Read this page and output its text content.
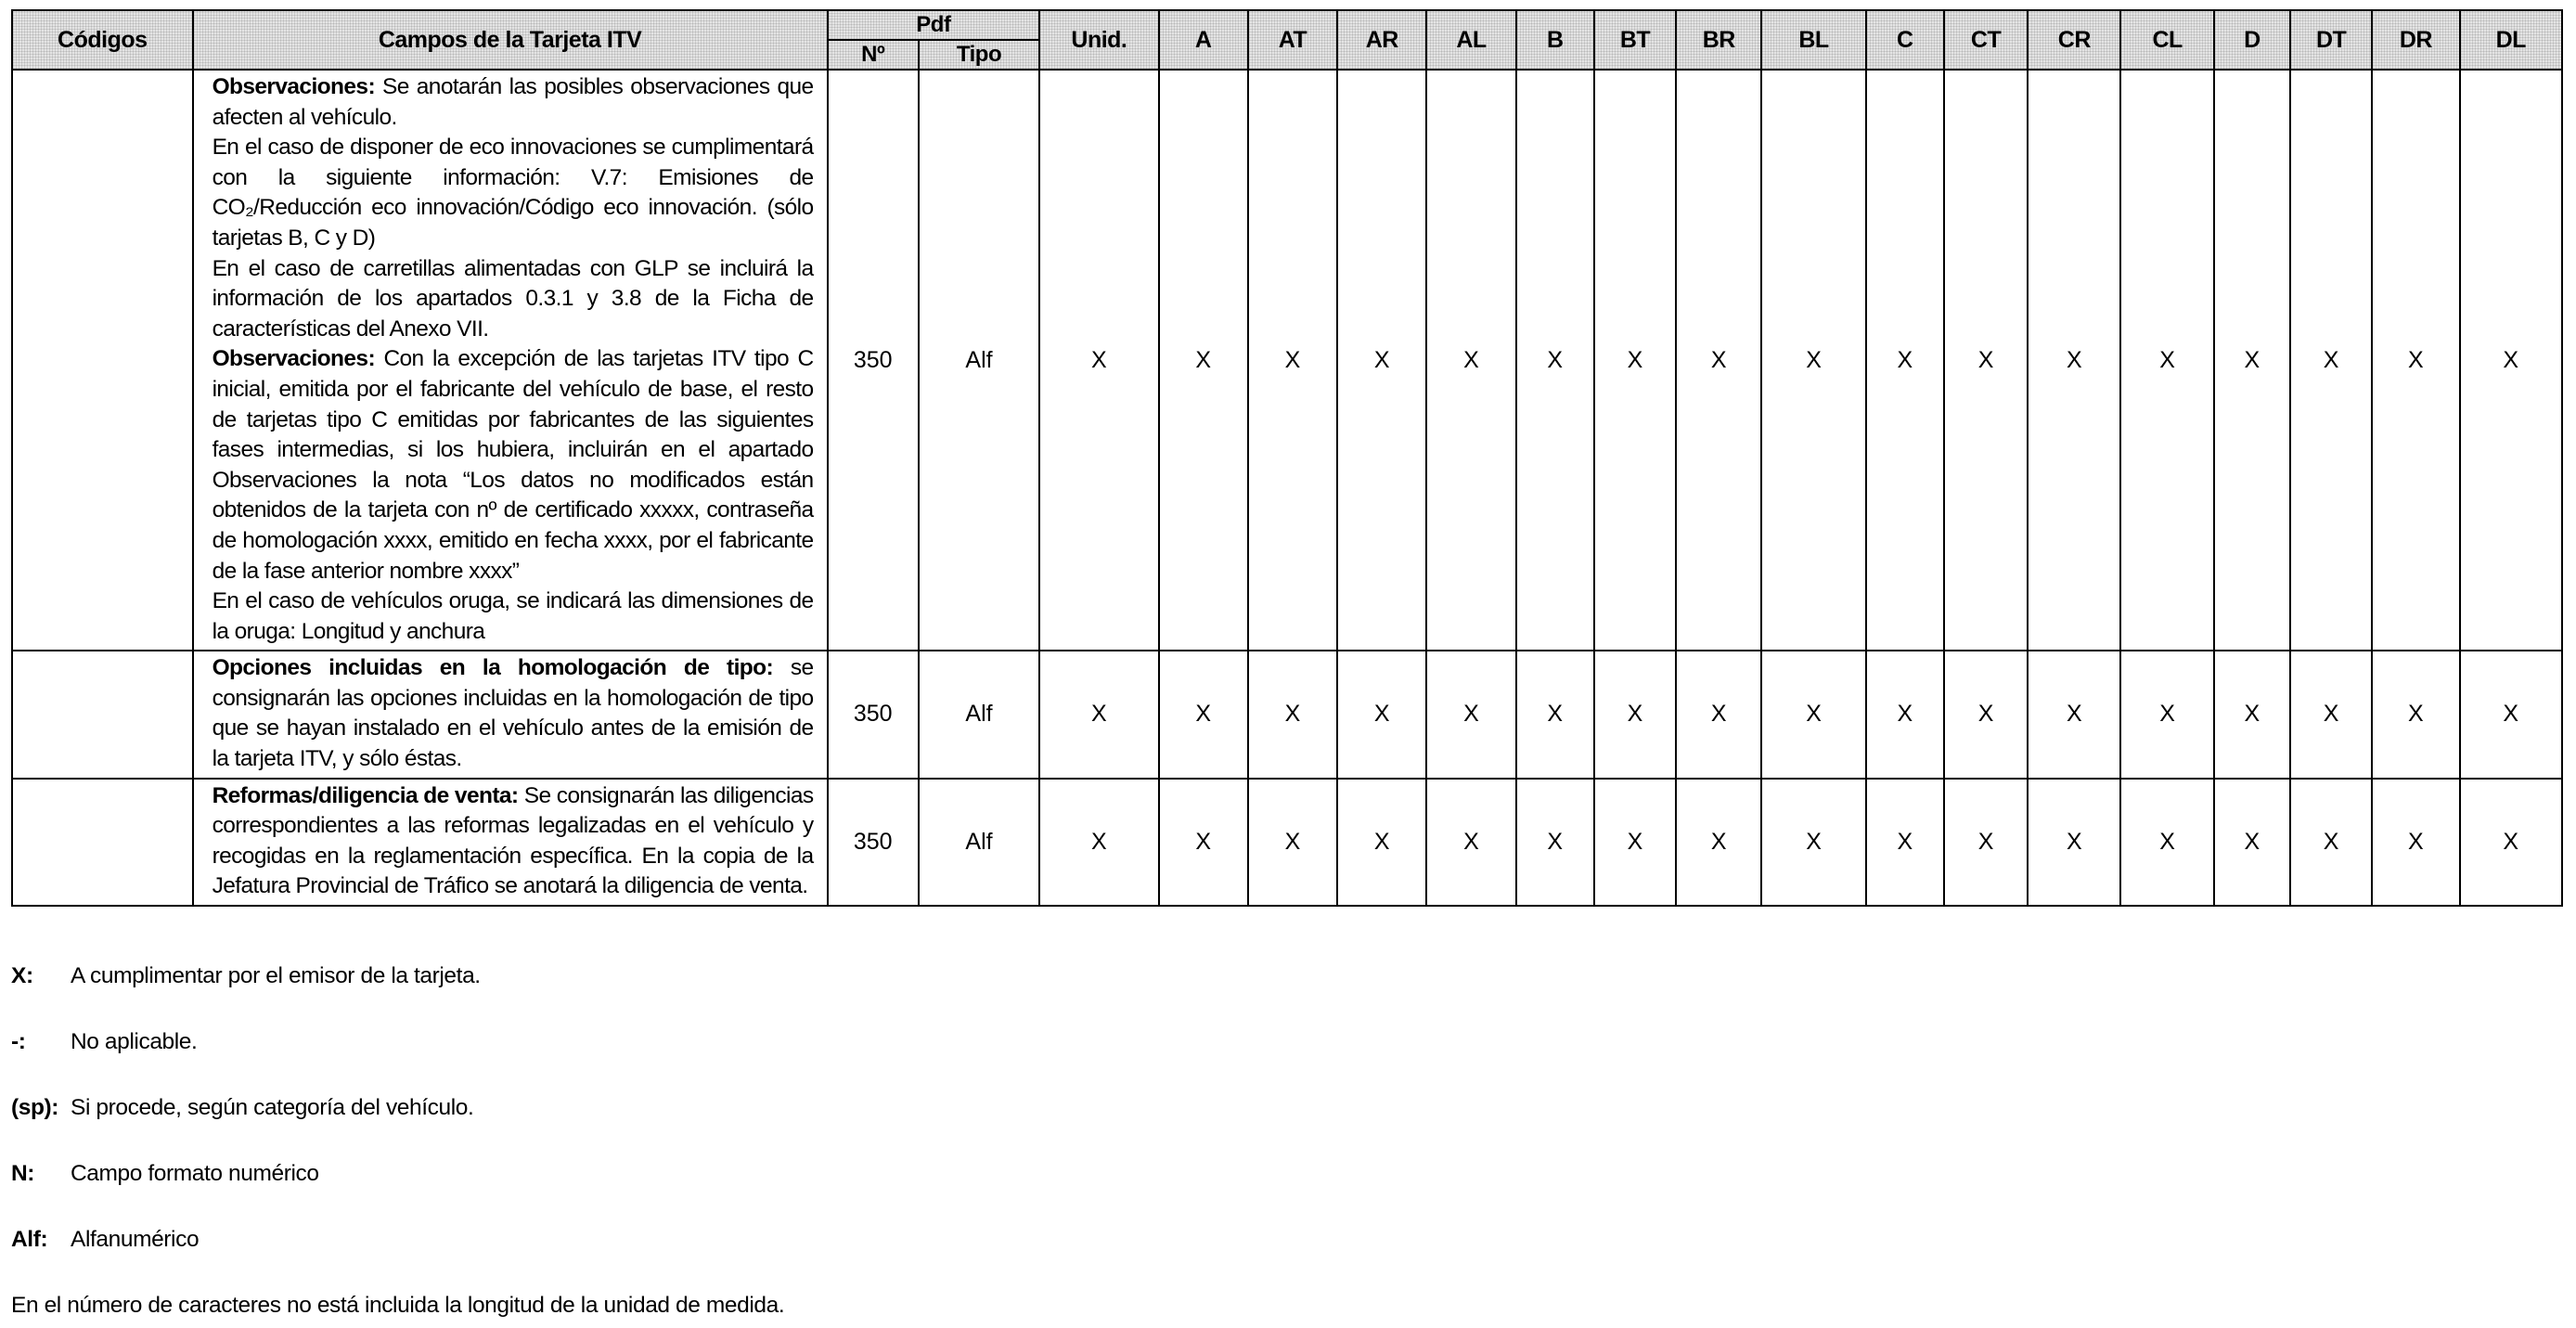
Códigos	Campos de la Tarjeta ITV	Pdf		Unid.	A	AT	AR	AL	B	BT	BR	BL	C	CT	CR	CL	D	DT	DR	DL
		Nº	Tipo																	

	Observaciones: Se anotarán las posibles observaciones que afecten al vehículo.

En el caso de disponer de eco innovaciones se cumplimentará con la siguiente información: V.7: Emisiones de CO₂/Reducción eco innovación/Código eco innovación. (sólo tarjetas B, C y D)

En el caso de carretillas alimentadas con GLP se incluirá la información de los apartados 0.3.1 y 3.8 de la Ficha de características del Anexo VII.

Observaciones: Con la excepción de las tarjetas ITV tipo C inicial, emitida por el fabricante del vehículo de base, el resto de tarjetas tipo C emitidas por fabricantes de las siguientes fases intermedias, si los hubiera, incluirán en el apartado Observaciones la nota “Los datos no modificados están obtenidos de la tarjeta con nº de certificado xxxxx, contraseña de homologación xxxx, emitido en fecha xxxx, por el fabricante de la fase anterior nombre xxxx”

En el caso de vehículos oruga, se indicará las dimensiones de la oruga: Longitud y anchura	350	Alf	X	X	X	X	X	X	X	X	X	X	X	X	X	X	X	X	X

	Opciones incluidas en la homologación de tipo: se consignarán las opciones incluidas en la homologación de tipo que se hayan instalado en el vehículo antes de la emisión de la tarjeta ITV, y sólo éstas.	350	Alf	X	X	X	X	X	X	X	X	X	X	X	X	X	X	X	X	X

	Reformas/diligencia de venta: Se consignarán las diligencias correspondientes a las reformas legalizadas en el vehículo y recogidas en la reglamentación específica. En la copia de la Jefatura Provincial de Tráfico se anotará la diligencia de venta.	350	Alf	X	X	X	X	X	X	X	X	X	X	X	X	X	X	X	X	X
X: A cumplimentar por el emisor de la tarjeta.
-: No aplicable.
(sp): Si procede, según categoría del vehículo.
N: Campo formato numérico
Alf: Alfanumérico
En el número de caracteres no está incluida la longitud de la unidad de medida.
